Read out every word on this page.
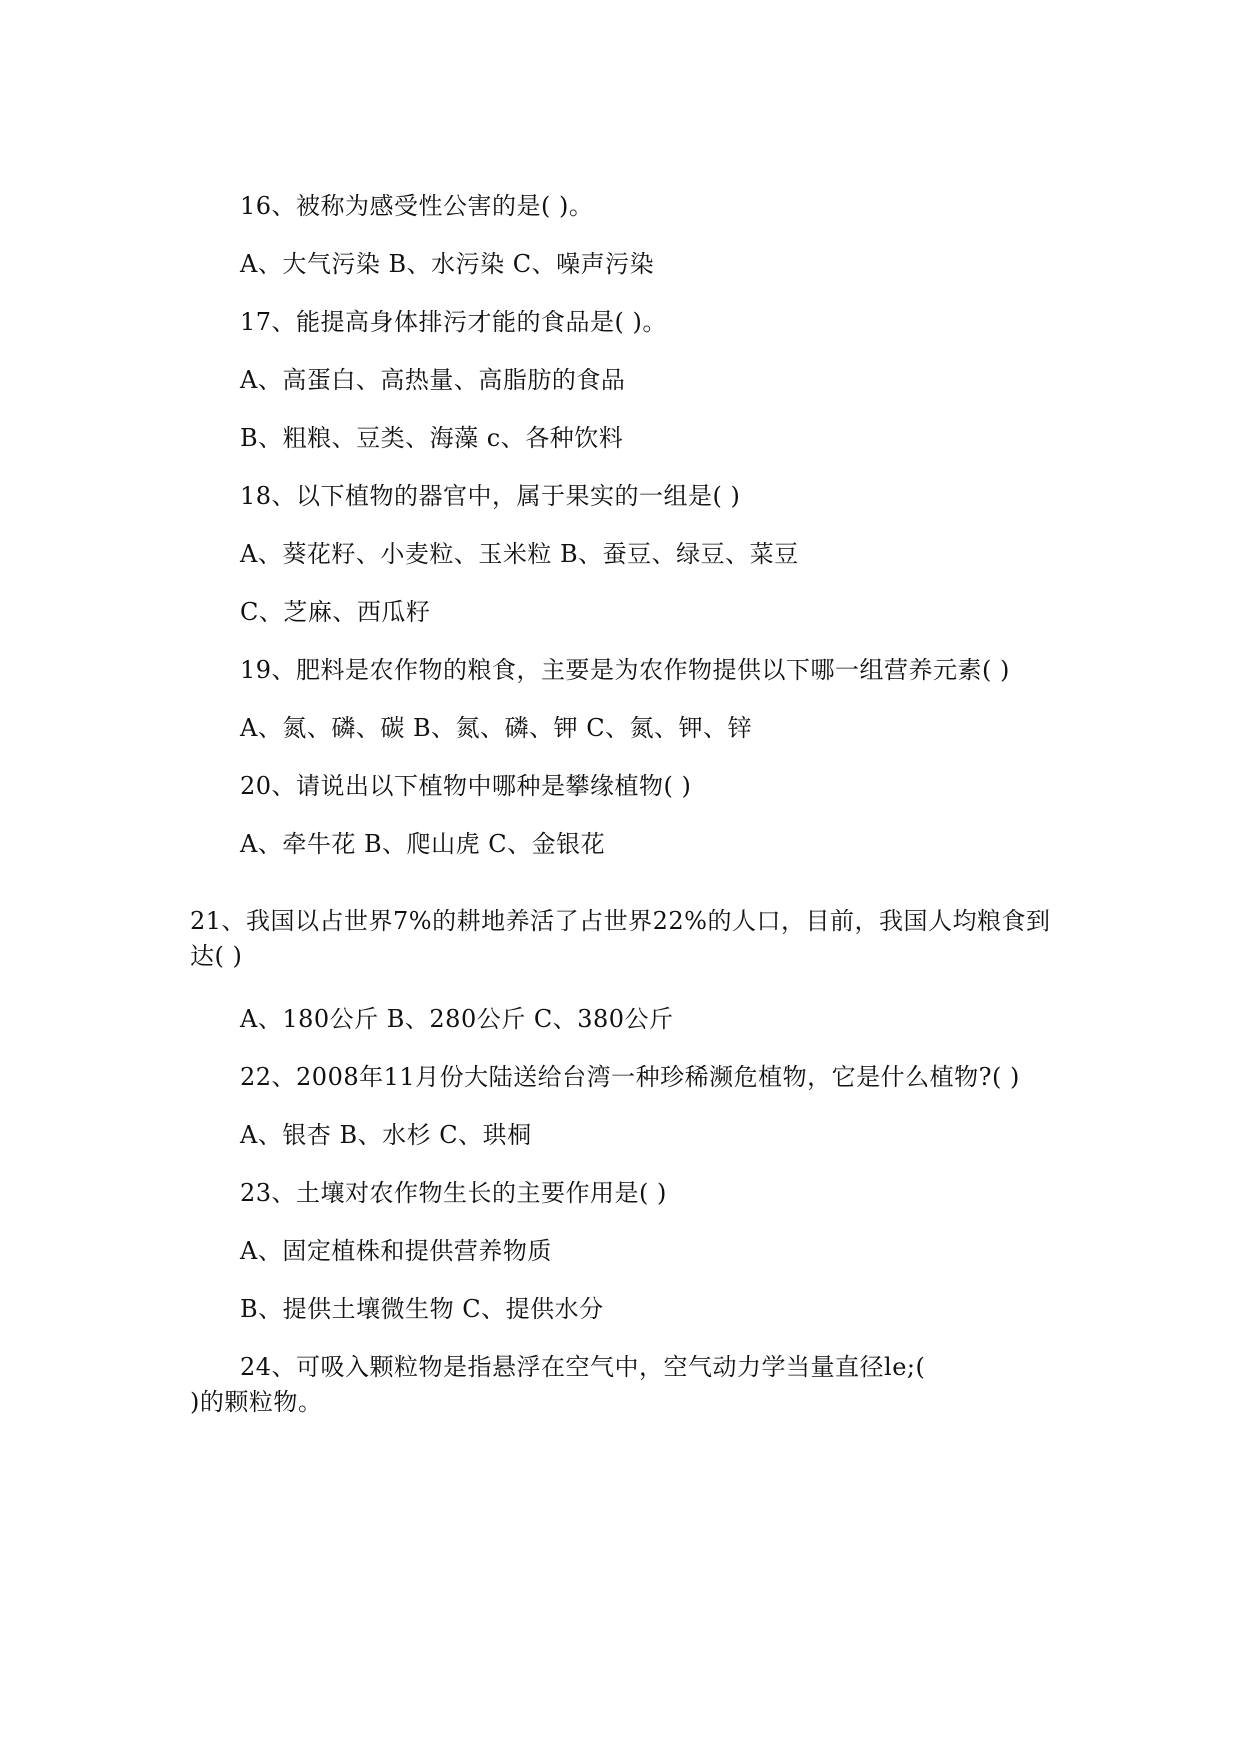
16、被称为感受性公害的是( )。
A、大气污染 B、水污染 C、噪声污染
17、能提高身体排污才能的食品是( )。
A、高蛋白、高热量、高脂肪的食品
B、粗粮、豆类、海藻 c、各种饮料
18、以下植物的器官中，属于果实的一组是( )
A、葵花籽、小麦粒、玉米粒 B、蚕豆、绿豆、菜豆
C、芝麻、西瓜籽
19、肥料是农作物的粮食，主要是为农作物提供以下哪一组营养元素( )
A、氮、磷、碳 B、氮、磷、钾 C、氮、钾、锌
20、请说出以下植物中哪种是攀缘植物( )
A、牵牛花 B、爬山虎 C、金银花
21、我国以占世界7%的耕地养活了占世界22%的人口，目前，我国人均粮食到
达( )
A、180公斤 B、280公斤 C、380公斤
22、2008年11月份大陆送给台湾一种珍稀濒危植物，它是什么植物?( )
A、银杏 B、水杉 C、珙桐
23、土壤对农作物生长的主要作用是( )
A、固定植株和提供营养物质
B、提供土壤微生物 C、提供水分
24、可吸入颗粒物是指悬浮在空气中，空气动力学当量直径le;(
)的颗粒物。
